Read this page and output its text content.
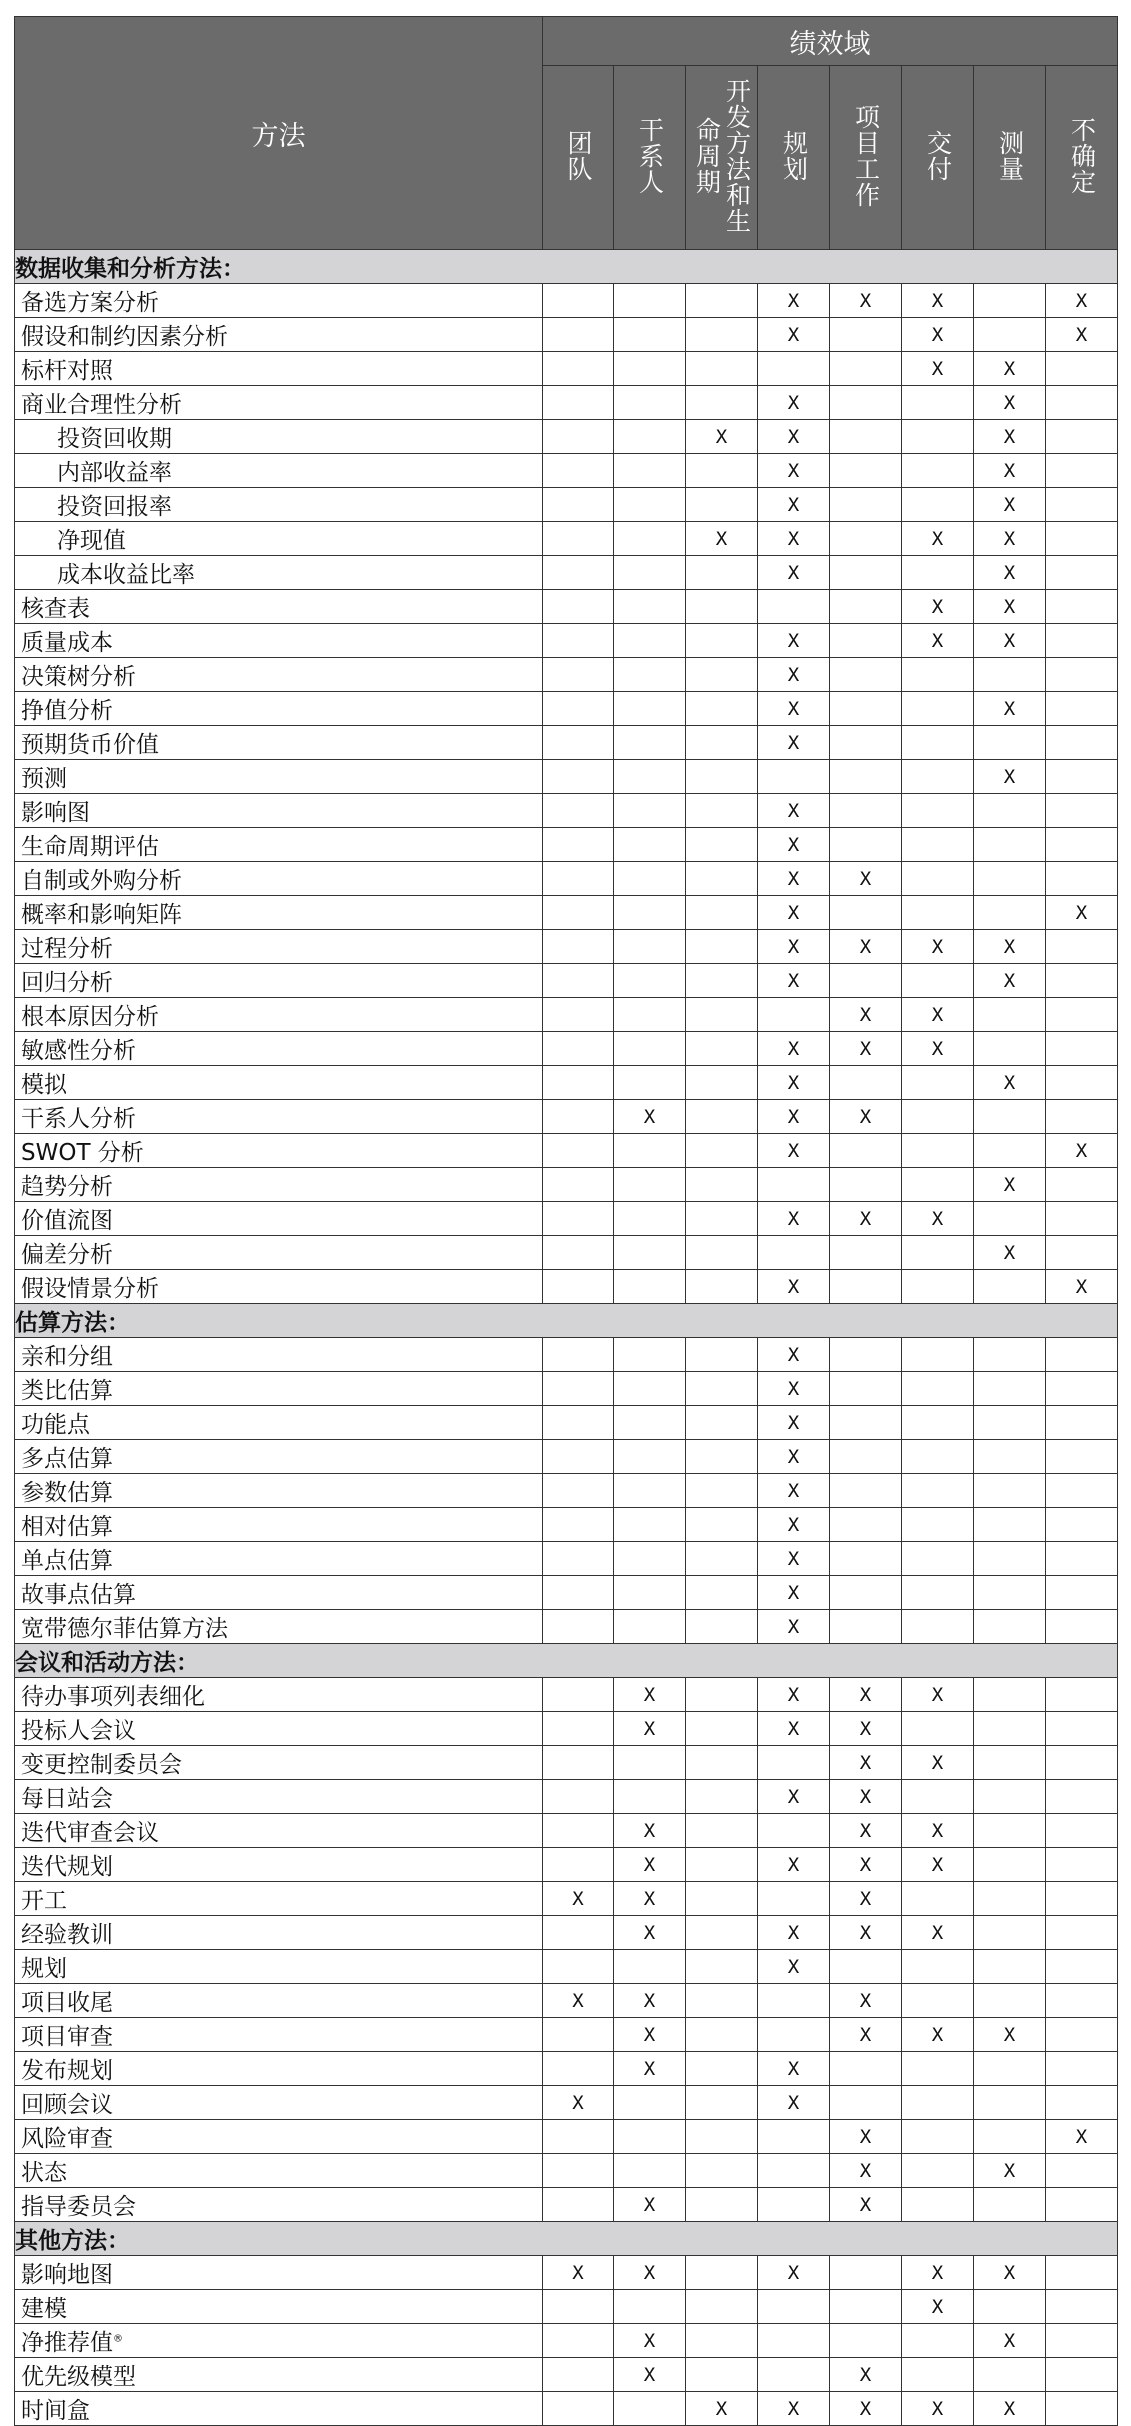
方法	绩效域							
	团队	干系人	开发方法和生命周期	规划	项目工作	交付	测量	不确定
数据收集和分析方法：								
备选方案分析				X	X	X		X
假设和制约因素分析				X		X		X
标杆对照						X	X	
商业合理性分析				X			X	
投资回收期			X	X			X	
内部收益率				X			X	
投资回报率				X			X	
净现值			X	X		X	X	
成本收益比率				X			X	
核查表						X	X	
质量成本				X		X	X	
决策树分析				X				
挣值分析				X			X	
预期货币价值				X				
预测							X	
影响图				X				
生命周期评估				X				
自制或外购分析				X	X			
概率和影响矩阵				X				X
过程分析				X	X	X	X	
回归分析				X			X	
根本原因分析					X	X		
敏感性分析				X	X	X		
模拟				X			X	
干系人分析		X		X	X			
SWOT 分析				X				X
趋势分析							X	
价值流图				X	X	X		
偏差分析							X	
假设情景分析				X				X
估算方法：								
亲和分组				X				
类比估算				X				
功能点				X				
多点估算				X				
参数估算				X				
相对估算				X				
单点估算				X				
故事点估算				X				
宽带德尔菲估算方法				X				
会议和活动方法：								
待办事项列表细化		X		X	X	X		
投标人会议		X		X	X			
变更控制委员会					X	X		
每日站会				X	X			
迭代审查会议		X			X	X		
迭代规划		X		X	X	X		
开工	X	X			X			
经验教训		X		X	X	X		
规划				X				
项目收尾	X	X			X			
项目审查		X			X	X	X	
发布规划		X		X				
回顾会议	X			X				
风险审查					X			X
状态					X		X	
指导委员会		X			X			
其他方法：								
影响地图	X	X		X		X	X	
建模						X		
净推荐值®		X					X	
优先级模型		X			X			
时间盒			X	X	X	X	X	
